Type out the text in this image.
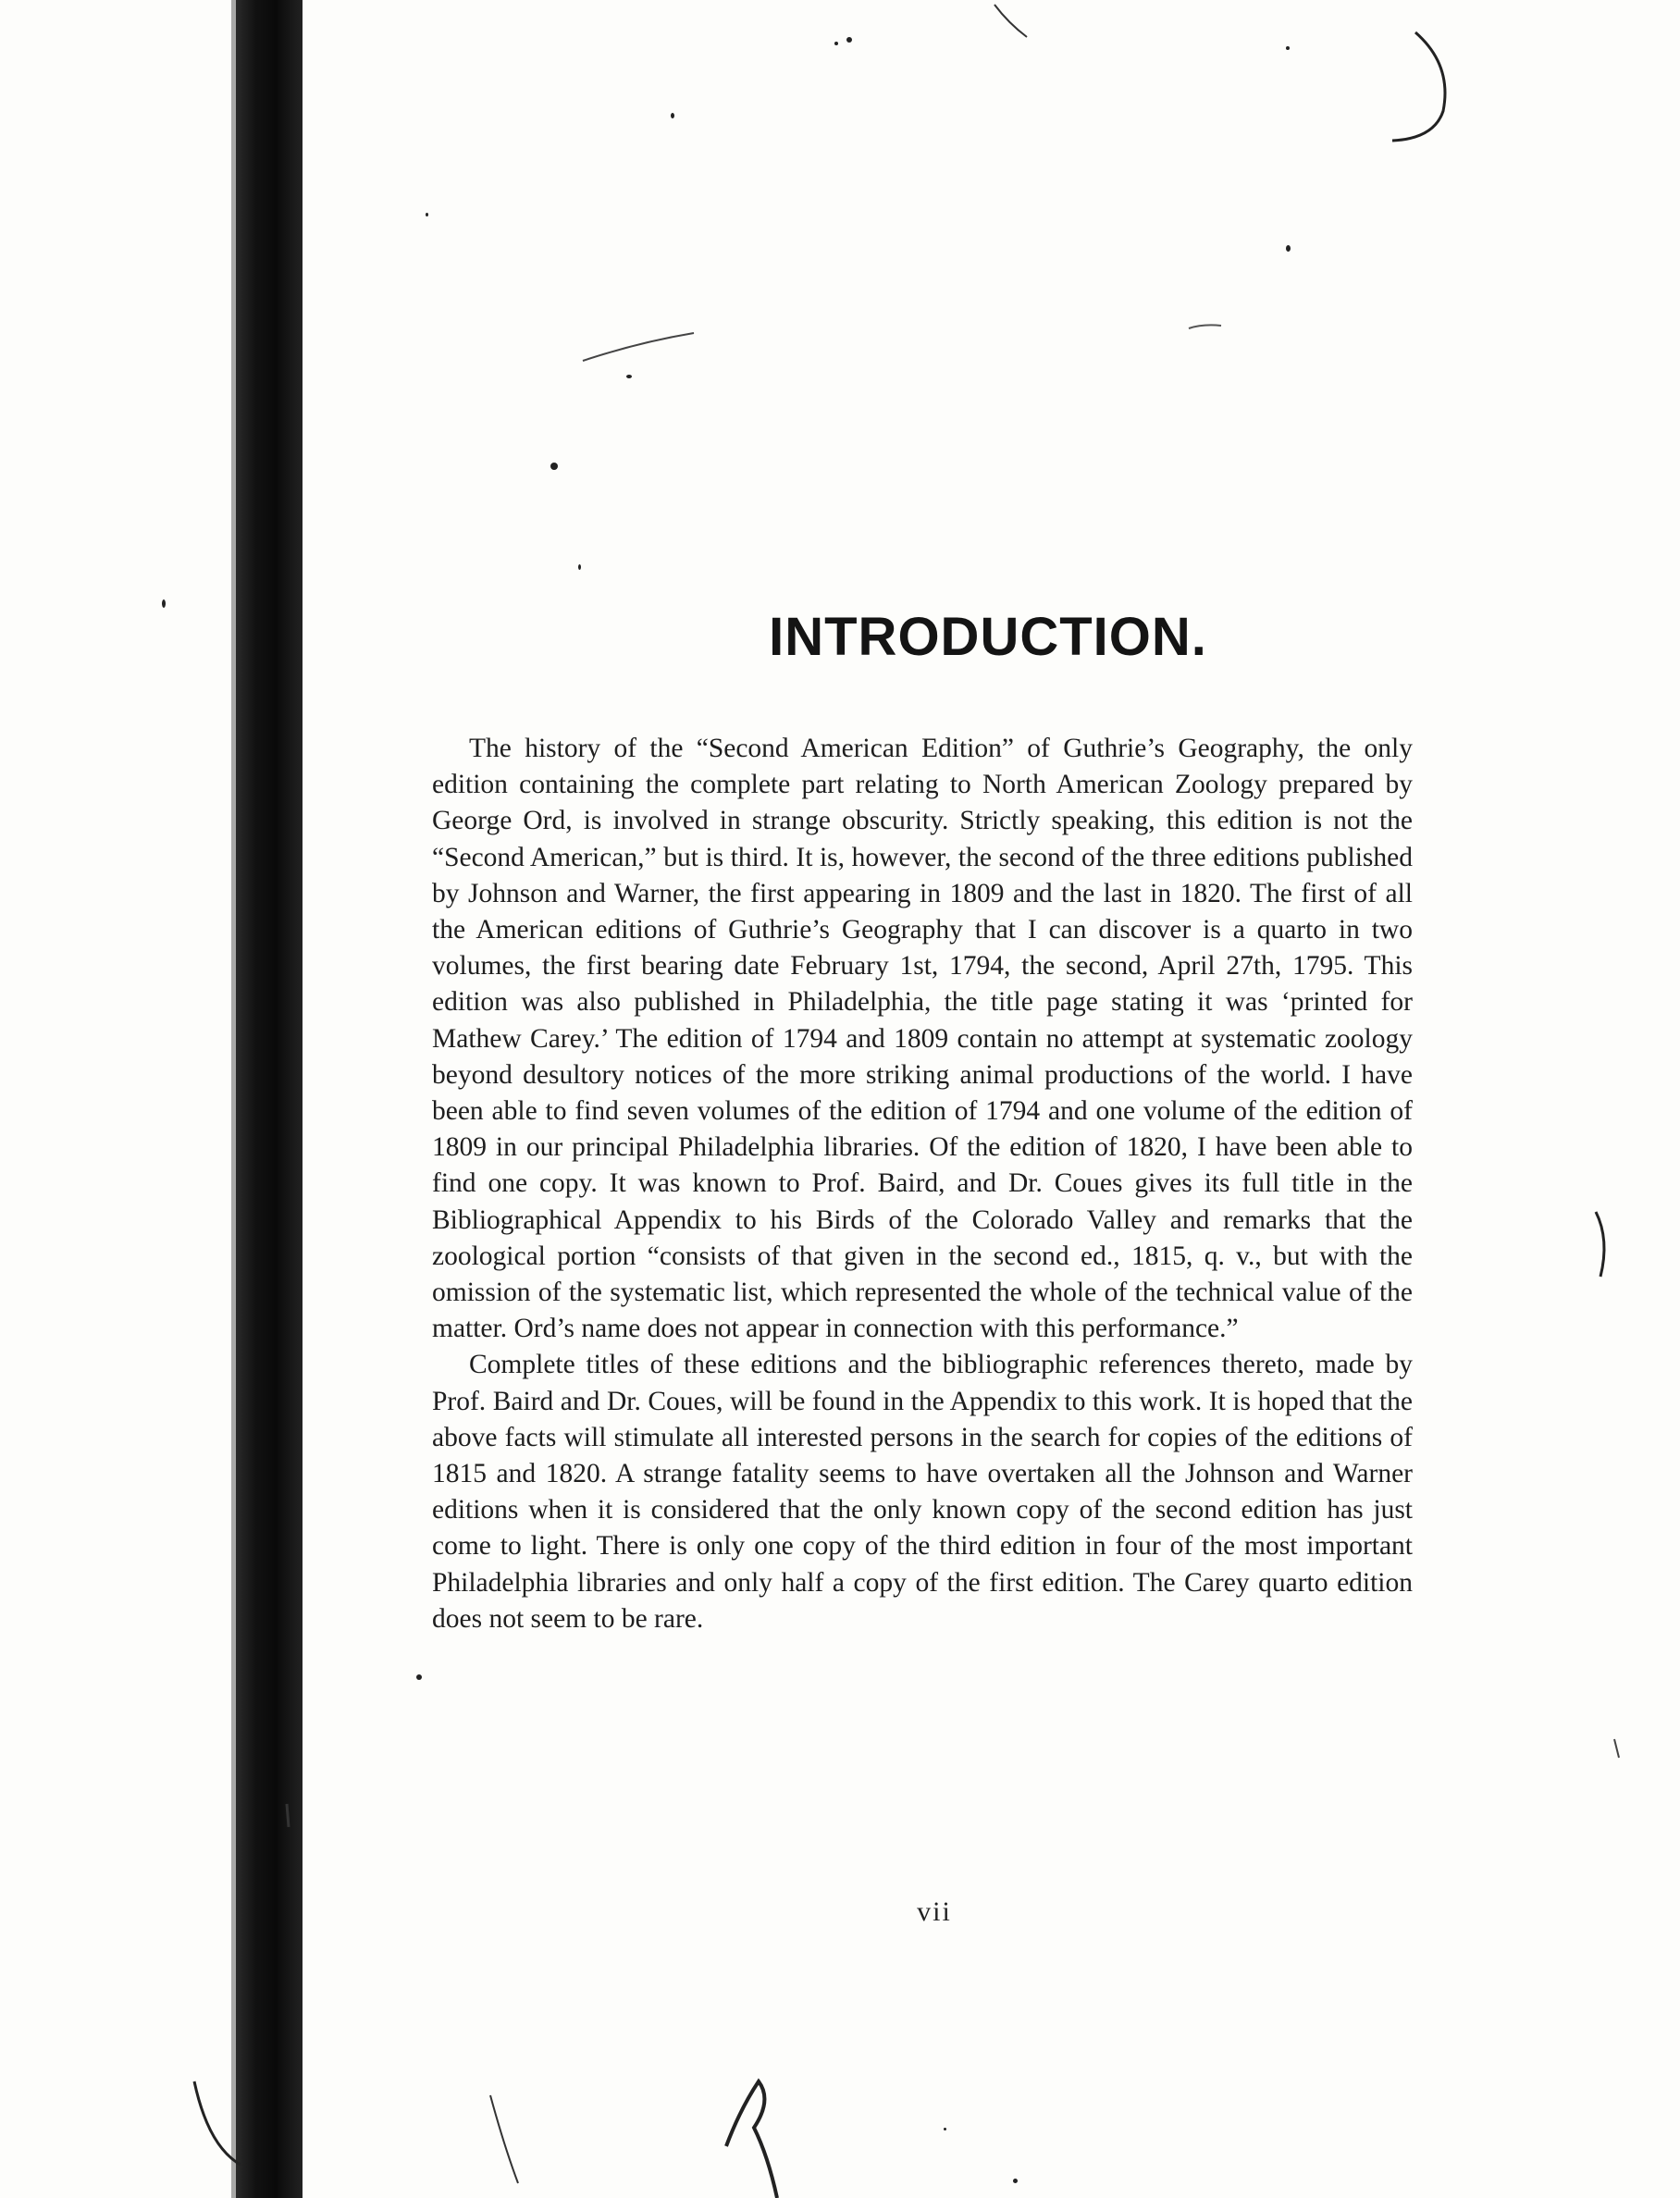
INTRODUCTION.

The history of the “Second American Edition” of Guthrie’s Geography, the only edition containing the complete part relating to North American Zoology prepared by George Ord, is involved in strange obscurity. Strictly speaking, this edition is not the “Second American,” but is third. It is, however, the second of the three editions published by Johnson and Warner, the first appearing in 1809 and the last in 1820. The first of all the American editions of Guthrie’s Geography that I can discover is a quarto in two volumes, the first bearing date February 1st, 1794, the second, April 27th, 1795. This edition was also published in Philadelphia, the title page stating it was ‘printed for Mathew Carey.’ The edition of 1794 and 1809 contain no attempt at systematic zoology beyond desultory notices of the more striking animal productions of the world. I have been able to find seven volumes of the edition of 1794 and one volume of the edition of 1809 in our principal Philadelphia libraries. Of the edition of 1820, I have been able to find one copy. It was known to Prof. Baird, and Dr. Coues gives its full title in the Bibliographical Appendix to his Birds of the Colorado Valley and remarks that the zoological portion “consists of that given in the second ed., 1815, q. v., but with the omission of the systematic list, which represented the whole of the technical value of the matter. Ord’s name does not appear in connection with this performance.”

Complete titles of these editions and the bibliographic references thereto, made by Prof. Baird and Dr. Coues, will be found in the Appendix to this work. It is hoped that the above facts will stimulate all interested persons in the search for copies of the editions of 1815 and 1820. A strange fatality seems to have overtaken all the Johnson and Warner editions when it is considered that the only known copy of the second edition has just come to light. There is only one copy of the third edition in four of the most important Philadelphia libraries and only half a copy of the first edition. The Carey quarto edition does not seem to be rare.

vii
